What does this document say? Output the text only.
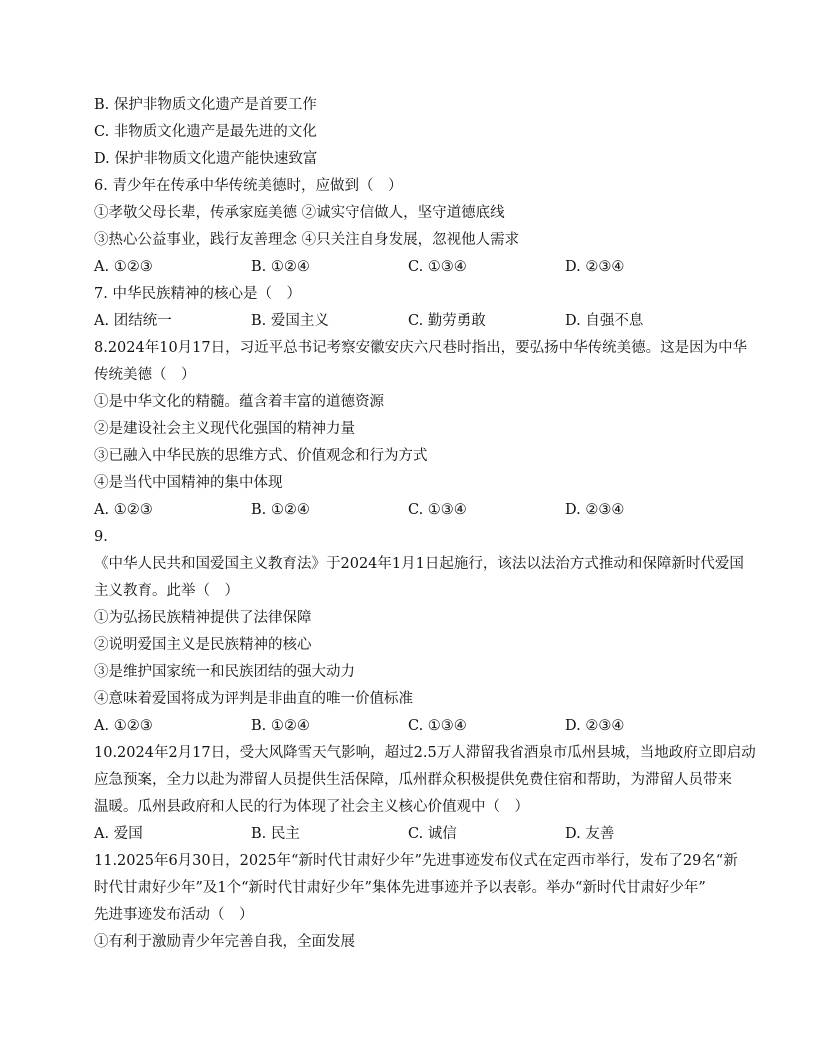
B. 保护非物质文化遗产是首要工作
C. 非物质文化遗产是最先进的文化
D. 保护非物质文化遗产能快速致富
6. 青少年在传承中华传统美德时，应做到（　）
①孝敬父母长辈，传承家庭美德 ②诚实守信做人，坚守道德底线
③热心公益事业，践行友善理念 ④只关注自身发展，忽视他人需求
A. ①②③	B. ①②④	C. ①③④	D. ②③④
7. 中华民族精神的核心是（　）
A. 团结统一	B. 爱国主义	C. 勤劳勇敢	D. 自强不息
8.2024年10月17日，习近平总书记考察安徽安庆六尺巷时指出，要弘扬中华传统美德。这是因为中华
传统美德（　）
①是中华文化的精髓。蕴含着丰富的道德资源
②是建设社会主义现代化强国的精神力量
③已融入中华民族的思维方式、价值观念和行为方式
④是当代中国精神的集中体现
A. ①②③	B. ①②④	C. ①③④	D. ②③④
9.
《中华人民共和国爱国主义教育法》于2024年1月1日起施行，该法以法治方式推动和保障新时代爱国
主义教育。此举（　）
①为弘扬民族精神提供了法律保障
②说明爱国主义是民族精神的核心
③是维护国家统一和民族团结的强大动力
④意味着爱国将成为评判是非曲直的唯一价值标准
A. ①②③	B. ①②④	C. ①③④	D. ②③④
10.2024年2月17日，受大风降雪天气影响，超过2.5万人滞留我省酒泉市瓜州县城，当地政府立即启动
应急预案，全力以赴为滞留人员提供生活保障，瓜州群众积极提供免费住宿和帮助，为滞留人员带来
温暖。瓜州县政府和人民的行为体现了社会主义核心价值观中（　）
A. 爱国	B. 民主	C. 诚信	D. 友善
11.2025年6月30日，2025年“新时代甘肃好少年”先进事迹发布仪式在定西市举行，发布了29名“新
时代甘肃好少年”及1个“新时代甘肃好少年”集体先进事迹并予以表彰。举办“新时代甘肃好少年”
先进事迹发布活动（　）
①有利于激励青少年完善自我，全面发展
